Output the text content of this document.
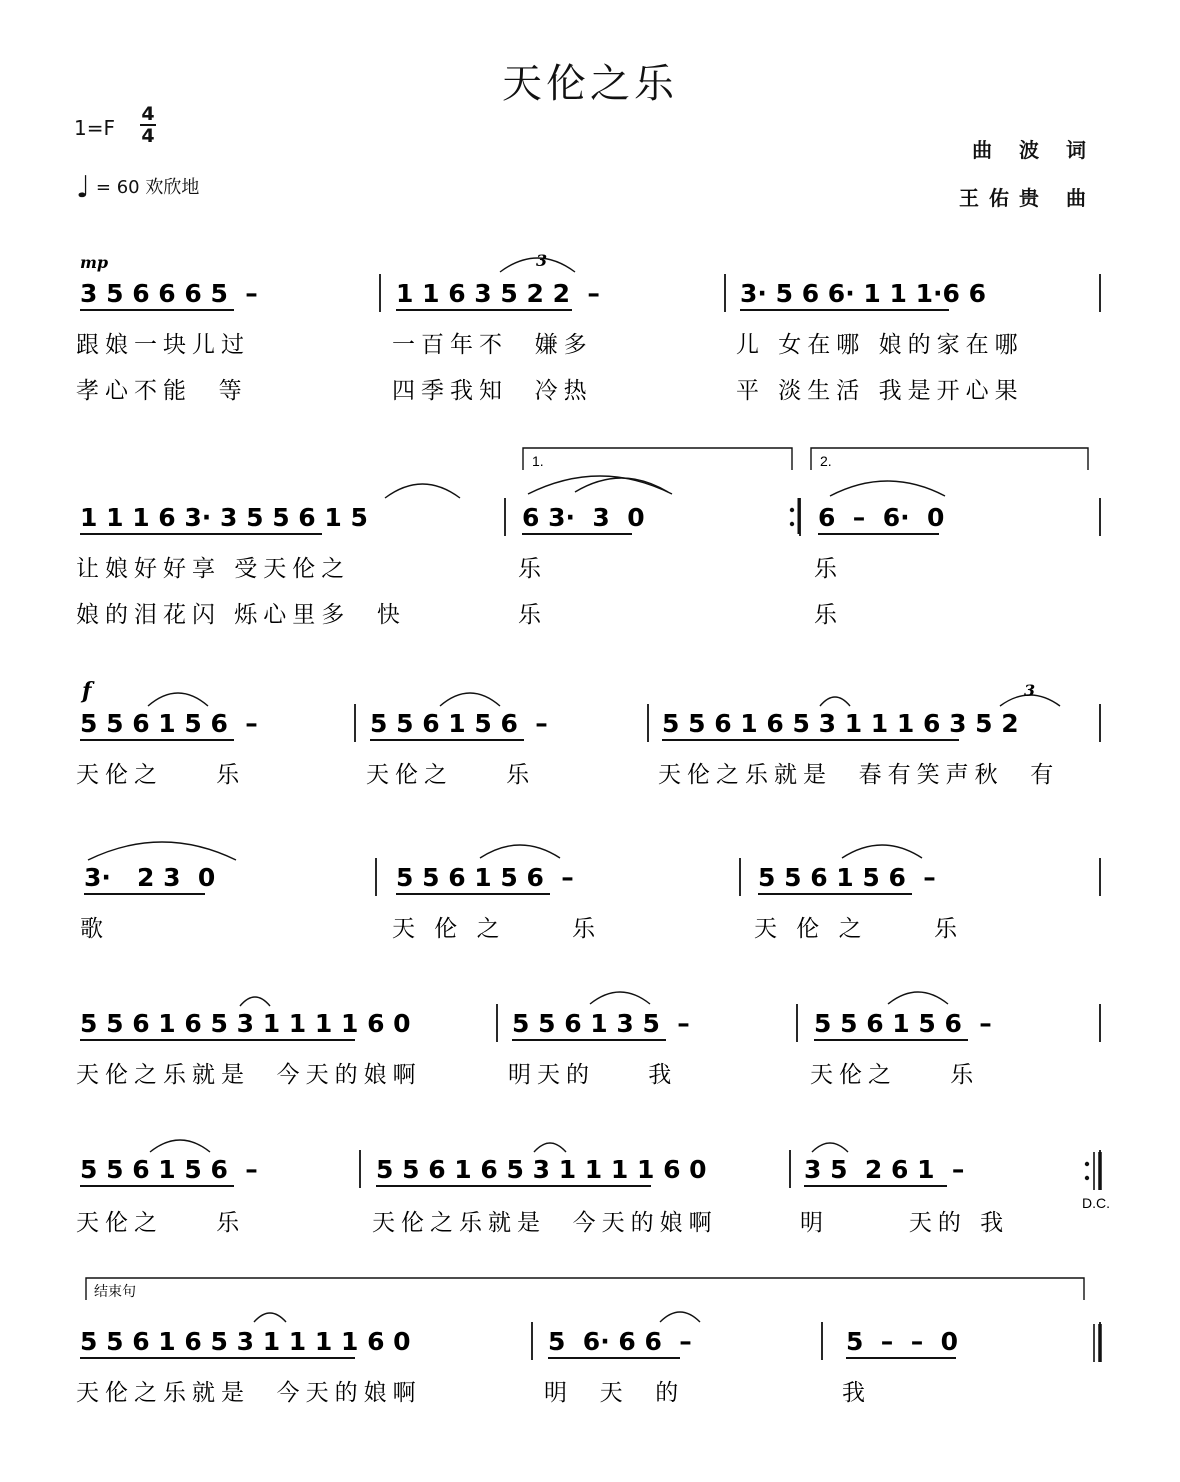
天伦之乐
1=F
4
4
♩ = 60 欢欣地
曲 波 词
王佑贵 曲
3 5 6 6 6 5  –	1 1 6 3 5 2 2  –	3· 5 6 6· 1 1 1·6 6
跟娘一块儿过	一百年不  嫌多	儿 女在哪 娘的家在哪
孝心不能  等	四季我知  冷热	平 淡生活 我是开心果
1 1 1 6 3· 3 5 5 6 1 5	6 3·  3  0	6  –  6·  0
让娘好好享 受天伦之	乐	乐
娘的泪花闪 烁心里多  快	乐	乐
5 5 6 1 5 6  –	5 5 6 1 5 6  –	5 5 6 1 6 5 3 1 1 1 6 3 5 2
天伦之    乐	天伦之    乐	天伦之乐就是  春有笑声秋  有
3·   2 3  0	5 5 6 1 5 6  –	5 5 6 1 5 6  –
歌	天 伦 之     乐	天 伦 之     乐
5 5 6 1 6 5 3 1 1 1 1 6 0	5 5 6 1 3 5  –	5 5 6 1 5 6  –
天伦之乐就是  今天的娘啊	明天的    我	天伦之    乐
5 5 6 1 5 6  –	5 5 6 1 6 5 3 1 1 1 1 6 0	3 5  2 6 1  –
天伦之    乐	天伦之乐就是  今天的娘啊	明      天的 我
5 5 6 1 6 5 3 1 1 1 1 6 0	5  6· 6 6  –	5  –  –  0
天伦之乐就是  今天的娘啊	明  天  的	我
mp
f
3
3
1.	2.
D.C.
结束句
